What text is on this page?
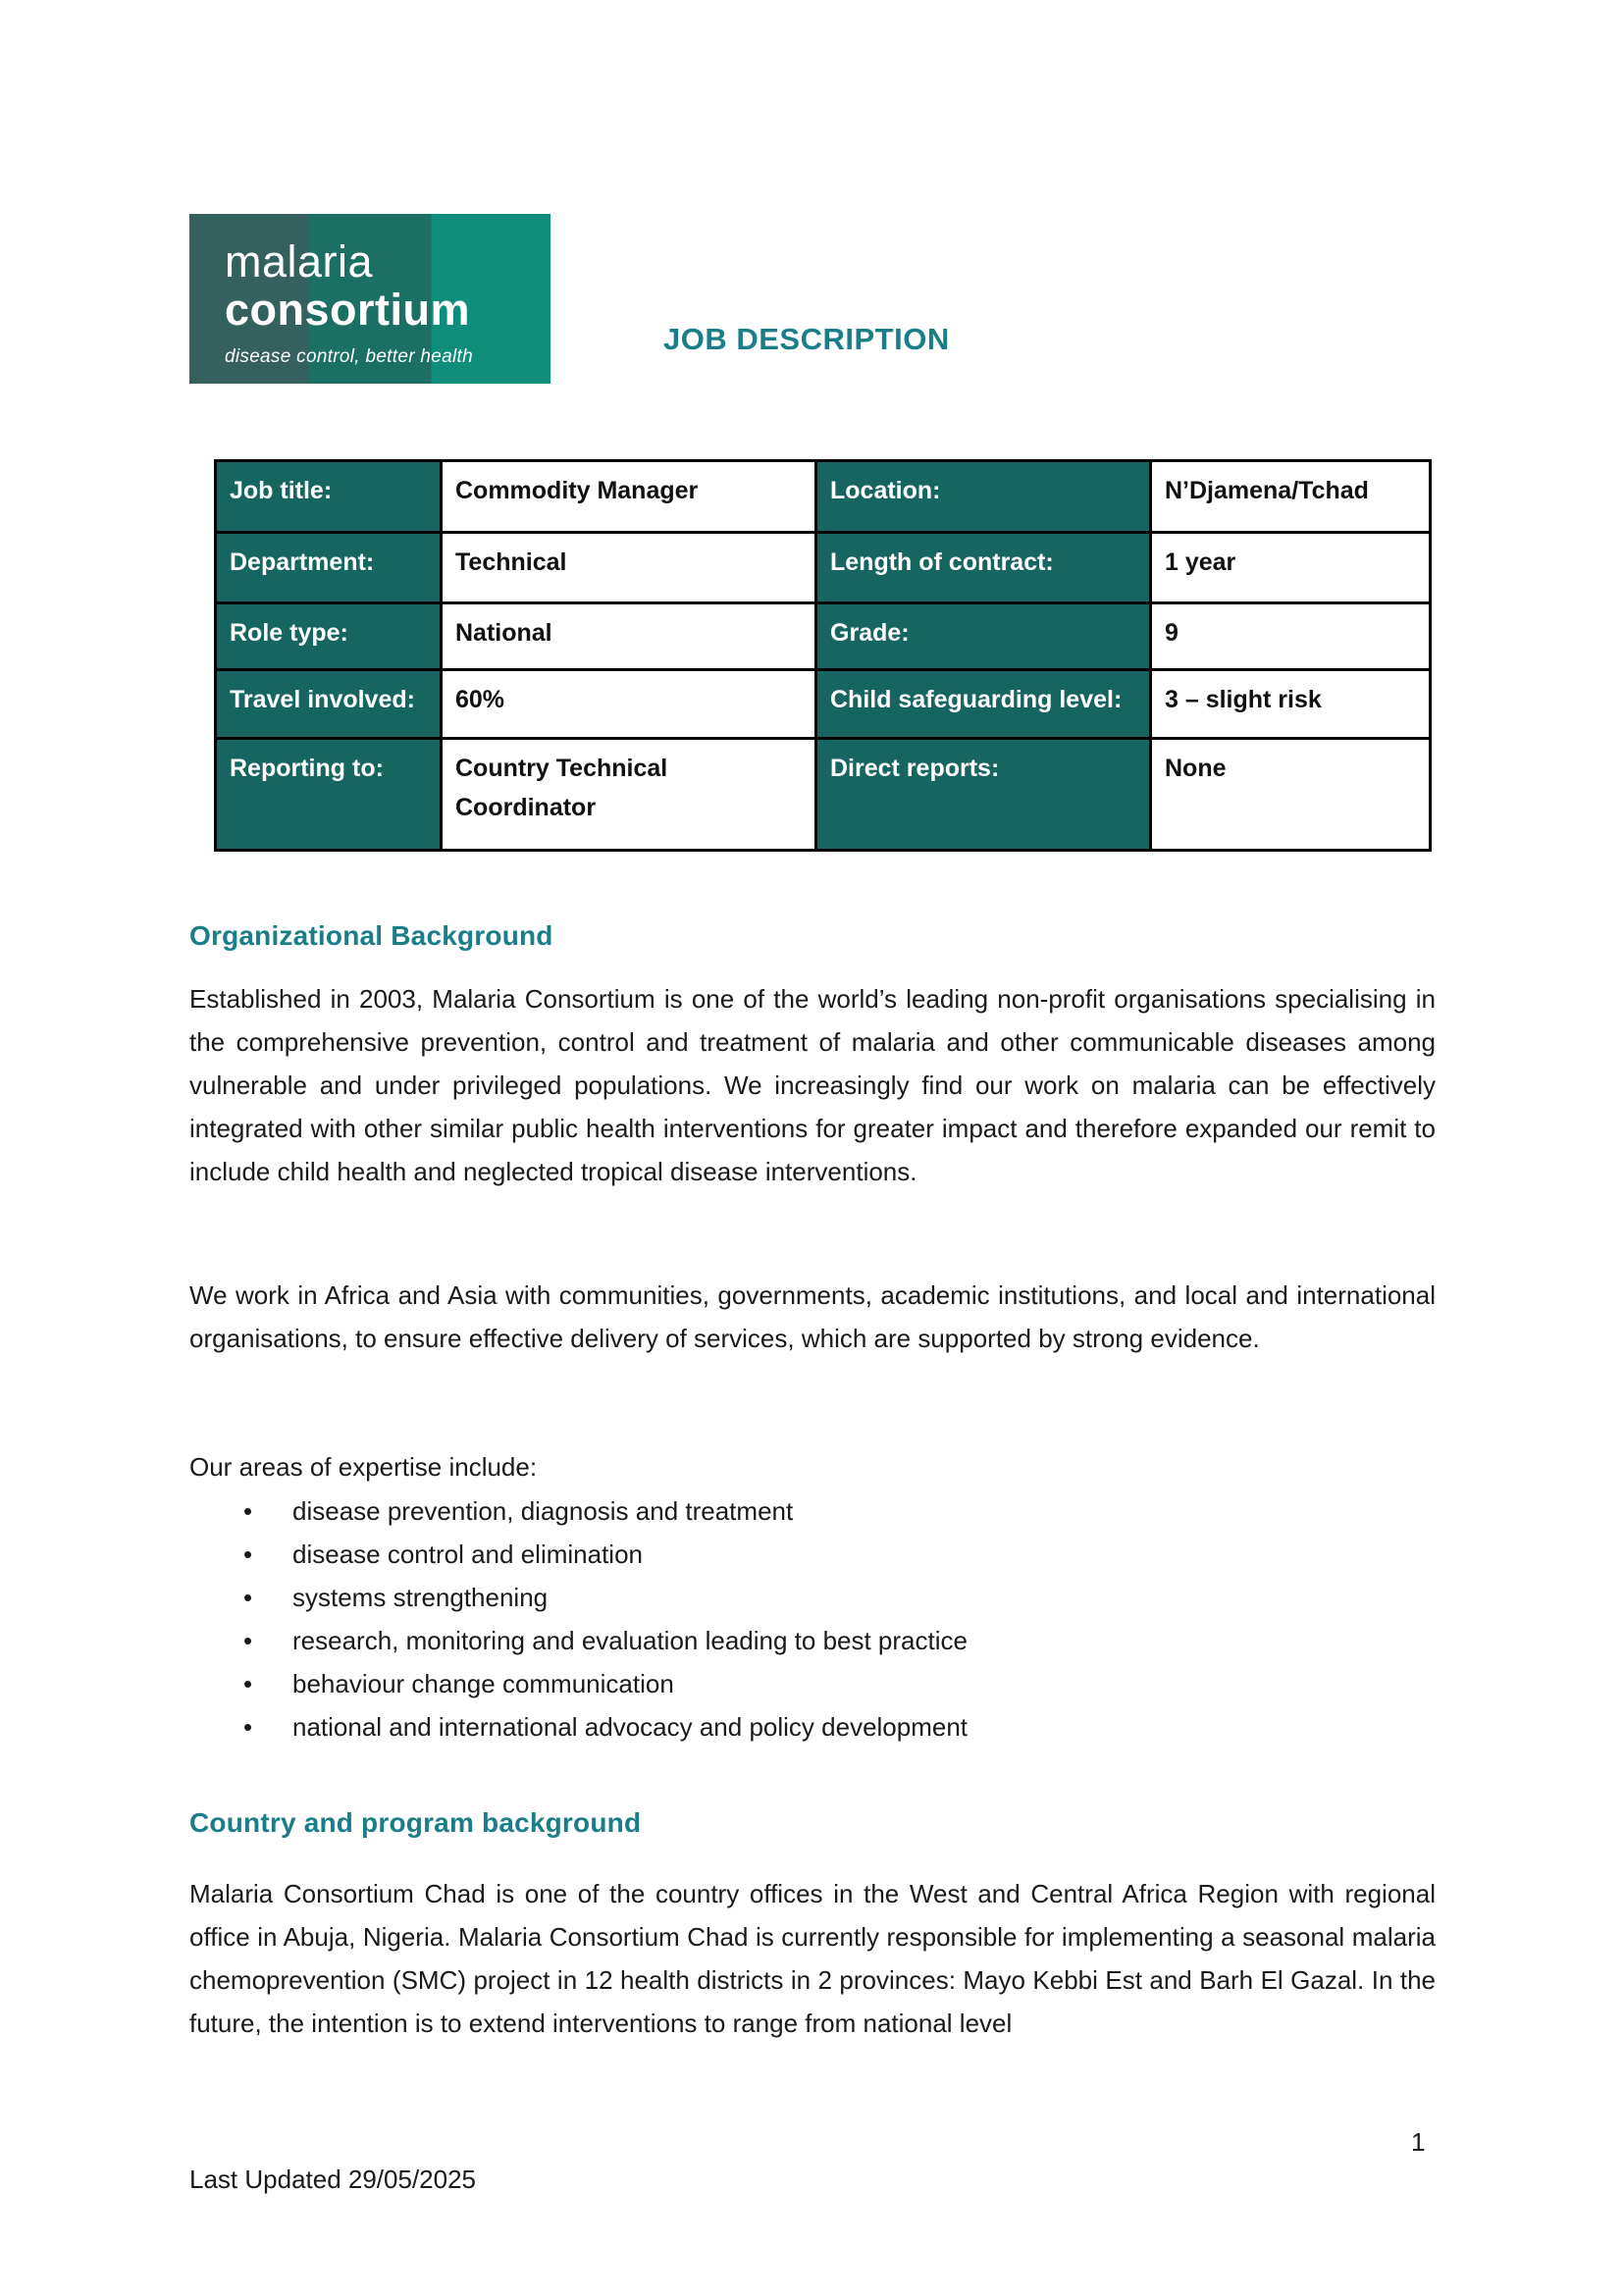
malaria
consortium
disease control, better health
JOB DESCRIPTION
Job title:	Commodity Manager	Location:	N’Djamena/Tchad
Department:	Technical	Length of contract:	1 year
Role type:	National	Grade:	9
Travel involved:	60%	Child safeguarding level:	3 – slight risk
Reporting to:	Country Technical Coordinator	Direct reports:	None
Organizational Background
Established in 2003, Malaria Consortium is one of the world’s leading non-profit organisations specialising in the comprehensive prevention, control and treatment of malaria and other communicable diseases among vulnerable and under privileged populations. We increasingly find our work on malaria can be effectively integrated with other similar public health interventions for greater impact and therefore expanded our remit to include child health and neglected tropical disease interventions.
We work in Africa and Asia with communities, governments, academic institutions, and local and international organisations, to ensure effective delivery of services, which are supported by strong evidence.
Our areas of expertise include:
• disease prevention, diagnosis and treatment
• disease control and elimination
• systems strengthening
• research, monitoring and evaluation leading to best practice
• behaviour change communication
• national and international advocacy and policy development
Country and program background
Malaria Consortium Chad is one of the country offices in the West and Central Africa Region with regional office in Abuja, Nigeria. Malaria Consortium Chad is currently responsible for implementing a seasonal malaria chemoprevention (SMC) project in 12 health districts in 2 provinces: Mayo Kebbi Est and Barh El Gazal. In the future, the intention is to extend interventions to range from national level
Last Updated 29/05/2025
1
